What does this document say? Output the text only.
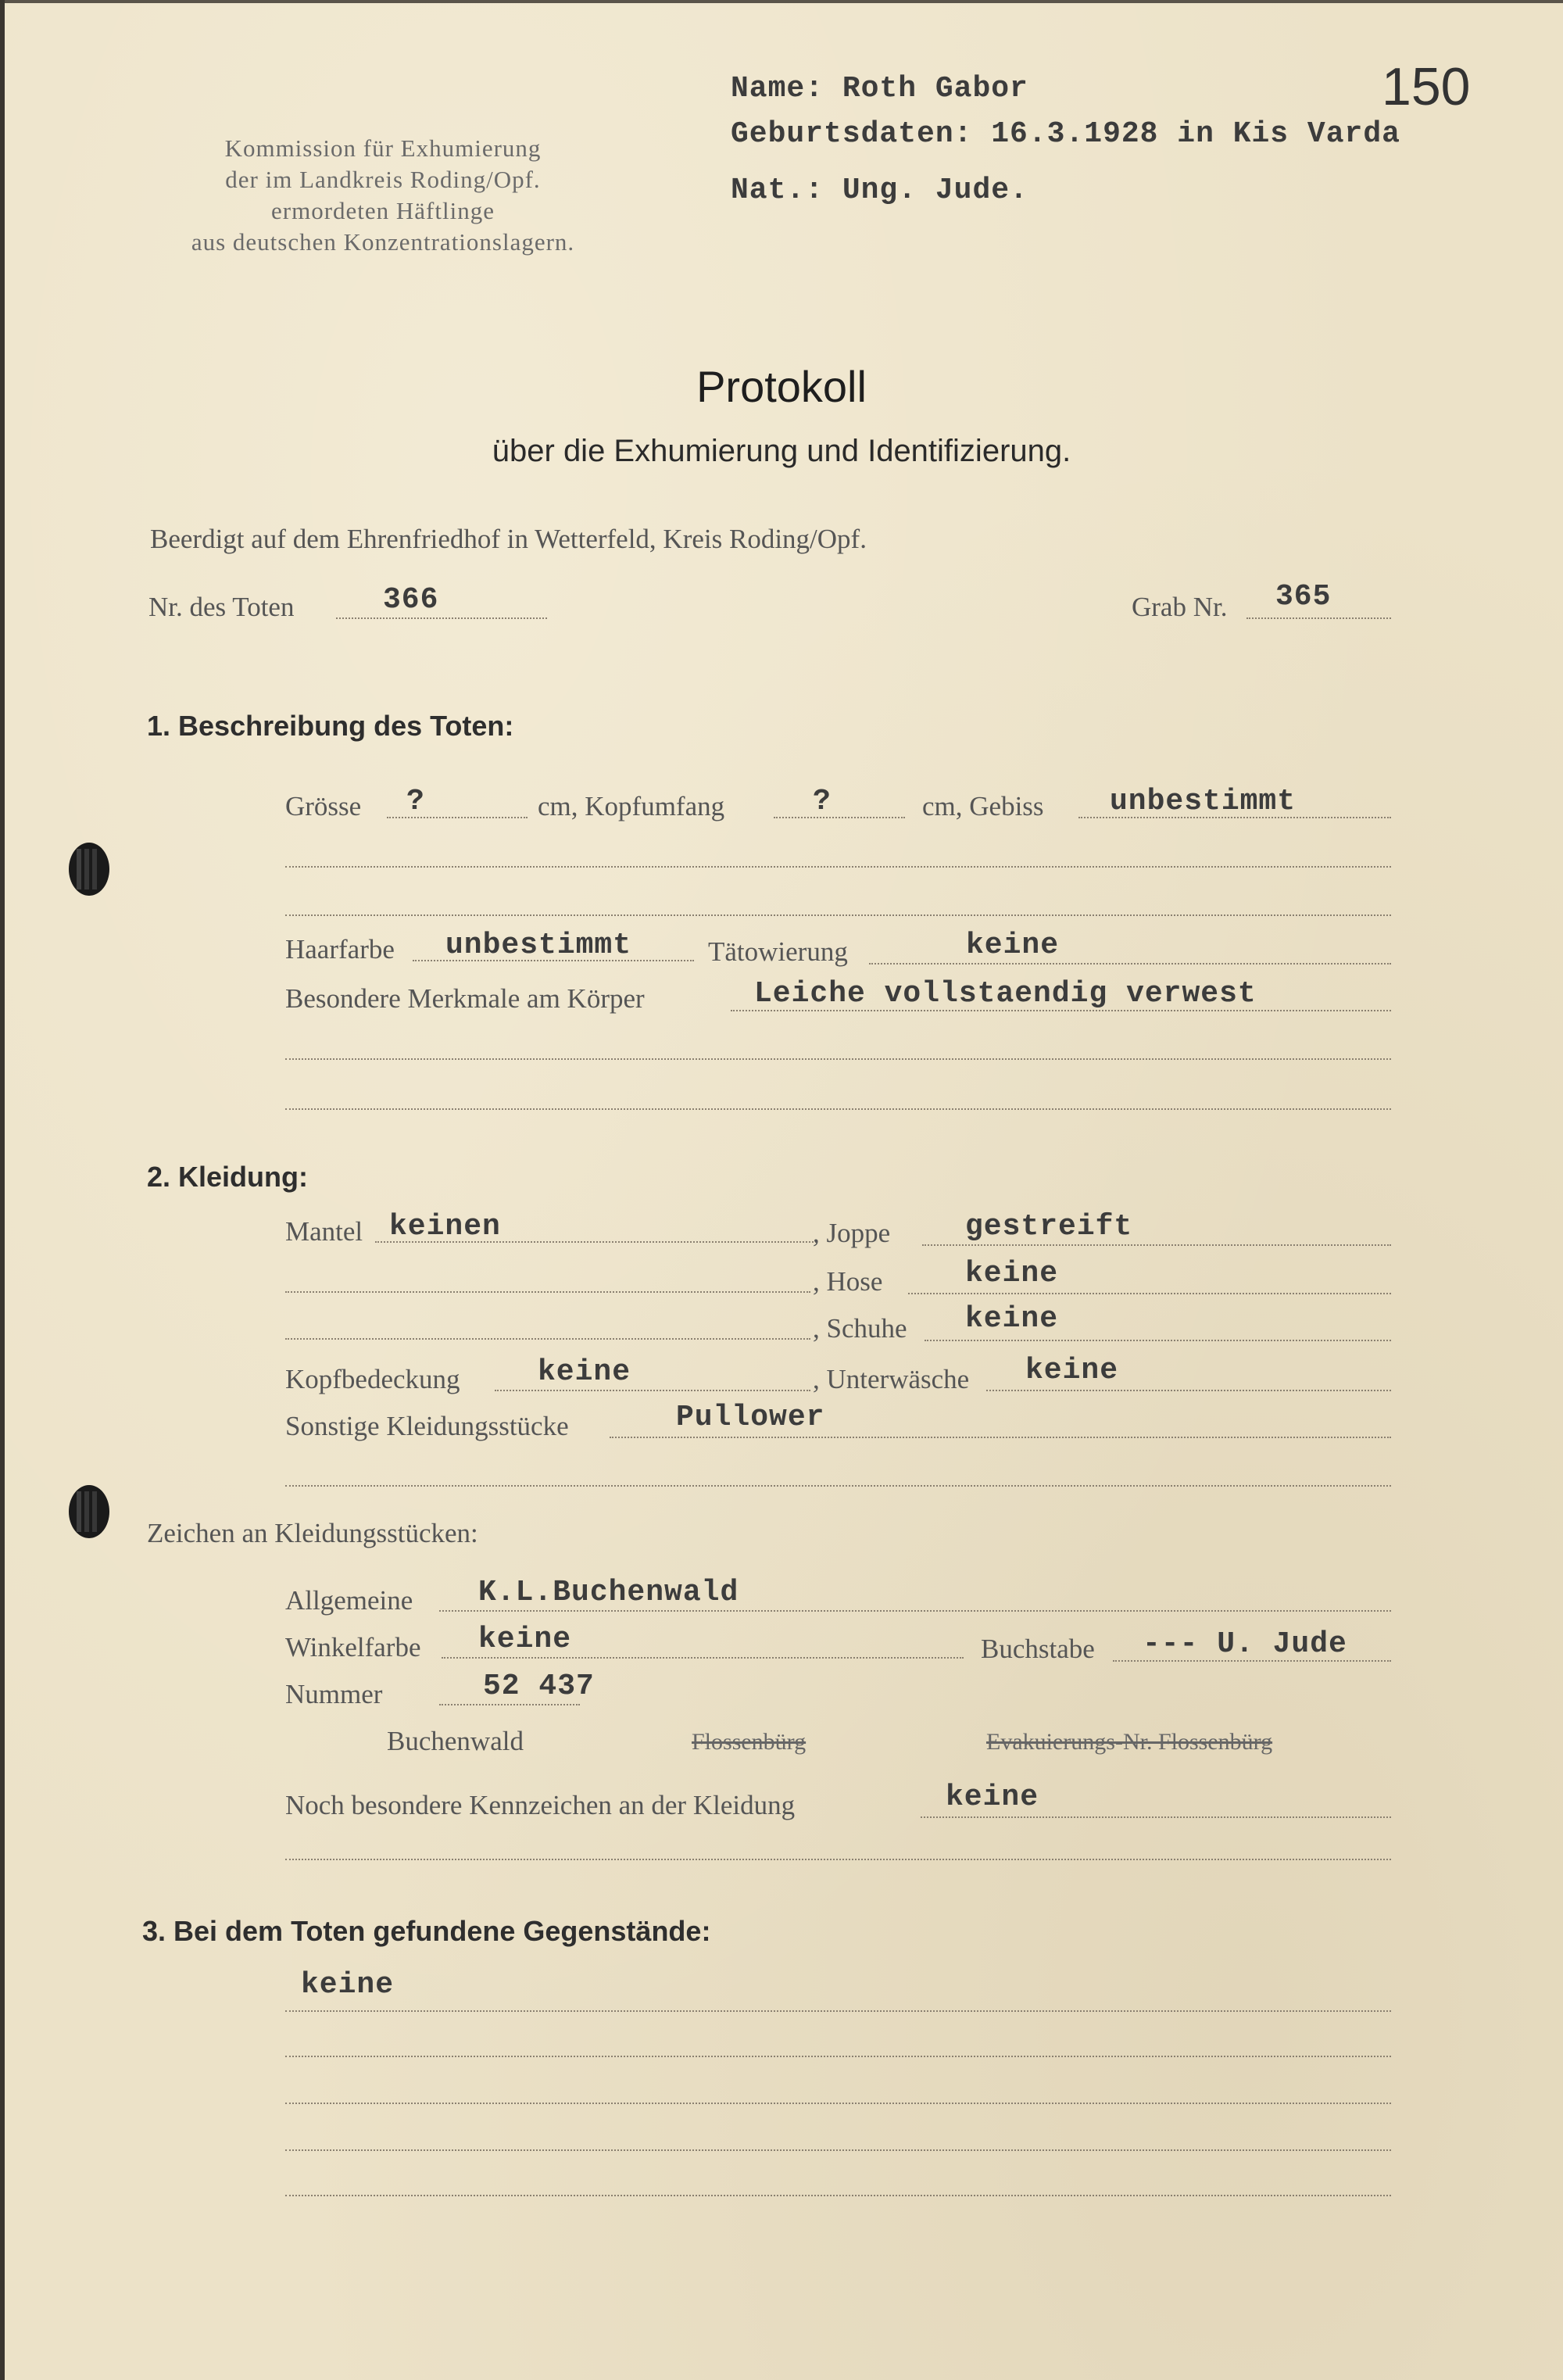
Kommission für Exhumierung
der im Landkreis Roding/Opf.
ermordeten Häftlinge
aus deutschen Konzentrationslagern.
Name: Roth Gabor
Geburtsdaten: 16.3.1928 in Kis Varda
Nat.: Ung. Jude.
150
Protokoll
über die Exhumierung und Identifizierung.
Beerdigt auf dem Ehrenfriedhof in Wetterfeld, Kreis Roding/Opf.
Nr. des Toten	366	Grab Nr. 365
1. Beschreibung des Toten:
Grösse ?	cm, Kopfumfang	?	cm, Gebiss unbestimmt
Haarfarbe unbestimmt	Tätowierung	keine
Besondere Merkmale am Körper	Leiche vollstaendig verwest
2. Kleidung:
Mantel keinen	, Joppe	gestreift
, Hose	keine
, Schuhe keine
Kopfbedeckung	keine	, Unterwäsche keine
Sonstige Kleidungsstücke	Pullower
Zeichen an Kleidungsstücken:
Allgemeine K.L.Buchenwald
Winkelfarbe keine	Buchstabe --- U. Jude
Nummer	52 437
Buchenwald	Flossenbürg	Evakuierungs-Nr. Flossenbürg
Noch besondere Kennzeichen an der Kleidung	keine
3. Bei dem Toten gefundene Gegenstände:
keine
